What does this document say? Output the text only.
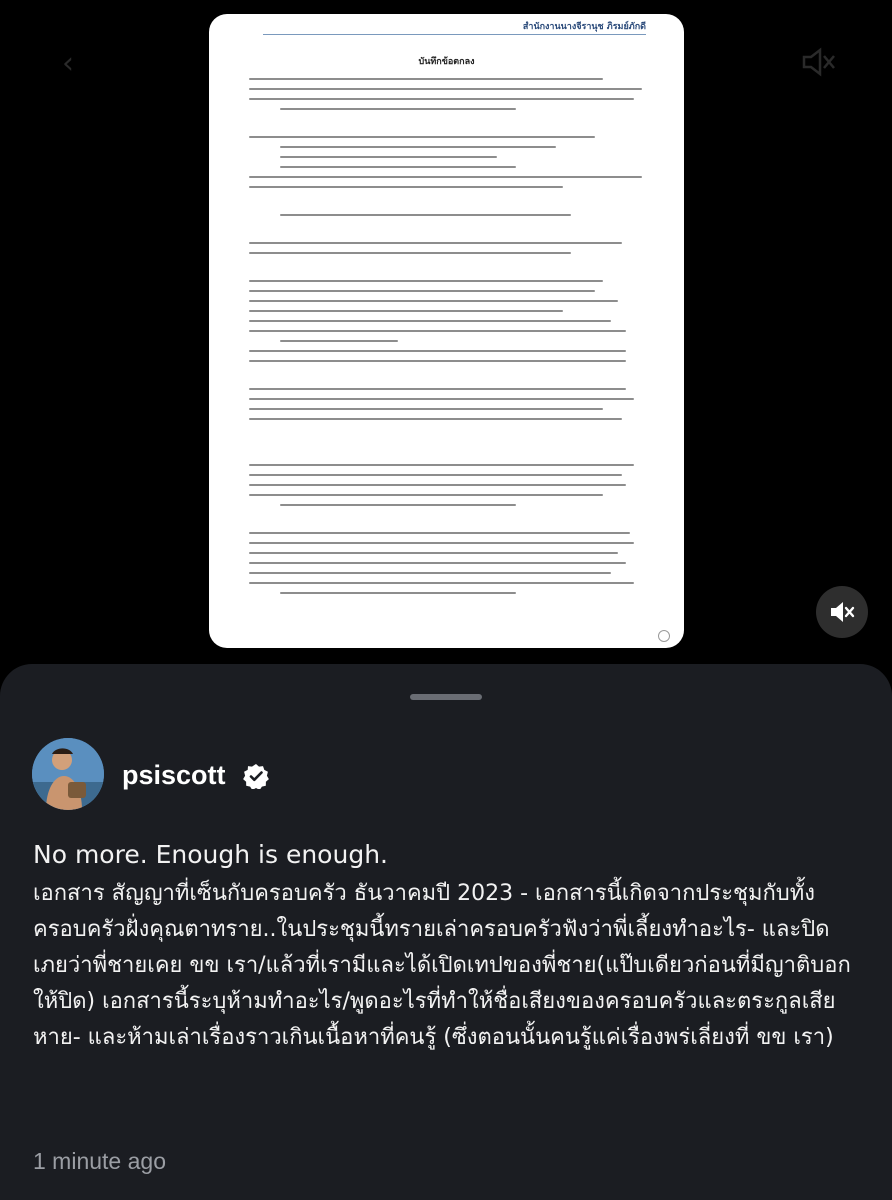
‹
สำนักงานนางจีรานุช ภิรมย์ภักดี
บันทึกข้อตกลง
psiscott
No more. Enough is enough.
เอกสาร สัญญาที่เซ็นกับครอบครัว ธันวาคมปี 2023 - เอกสารนี้เกิดจากประชุมกับทั้งครอบครัวฝั่งคุณตาทราย..ในประชุมนี้ทรายเล่าครอบครัวฟังว่าพี่เลี้ยงทำอะไร- และปิดเภยว่าพี่ชายเคย ขข เรา/แล้วที่เรามีและได้เปิดเทปของพี่ชาย(แป๊บเดียวก่อนที่มีญาติบอกให้ปิด) เอกสารนี้ระบุห้ามทำอะไร/พูดอะไรที่ทำให้ชื่อเสียงของครอบครัวและตระกูลเสียหาย- และห้ามเล่าเรื่องราวเกินเนื้อหาที่คนรู้ (ซึ่งตอนนั้นคนรู้แค่เรื่องพร่เลี่ยงที่ ขข เรา)
1 minute ago
